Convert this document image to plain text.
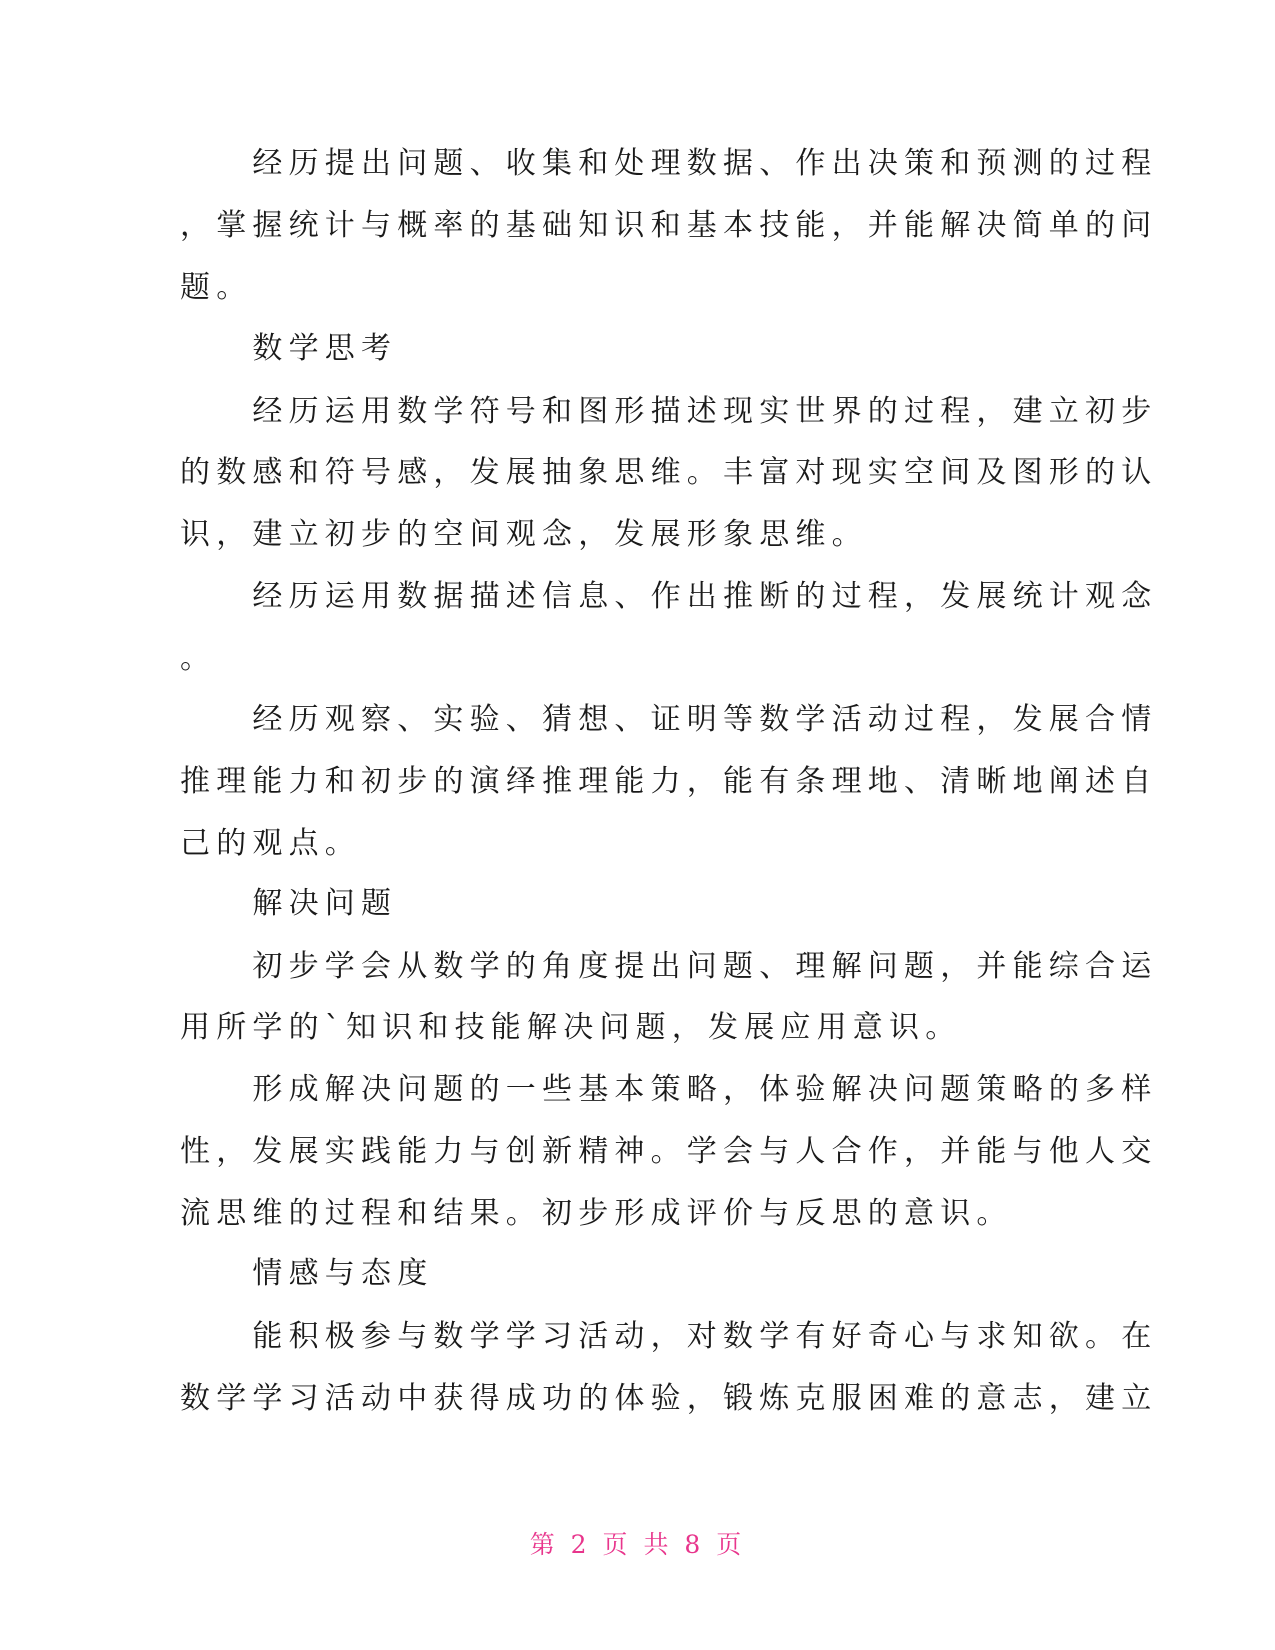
　　经历提出问题、收集和处理数据、作出决策和预测的过程
，掌握统计与概率的基础知识和基本技能，并能解决简单的问
题。
　　数学思考
　　经历运用数学符号和图形描述现实世界的过程，建立初步
的数感和符号感，发展抽象思维。丰富对现实空间及图形的认
识，建立初步的空间观念，发展形象思维。
　　经历运用数据描述信息、作出推断的过程，发展统计观念
。
　　经历观察、实验、猜想、证明等数学活动过程，发展合情
推理能力和初步的演绎推理能力，能有条理地、清晰地阐述自
己的观点。
　　解决问题
　　初步学会从数学的角度提出问题、理解问题，并能综合运
用所学的`知识和技能解决问题，发展应用意识。
　　形成解决问题的一些基本策略，体验解决问题策略的多样
性，发展实践能力与创新精神。学会与人合作，并能与他人交
流思维的过程和结果。初步形成评价与反思的意识。
　　情感与态度
　　能积极参与数学学习活动，对数学有好奇心与求知欲。在
数学学习活动中获得成功的体验，锻炼克服困难的意志，建立
第 2 页 共 8 页
